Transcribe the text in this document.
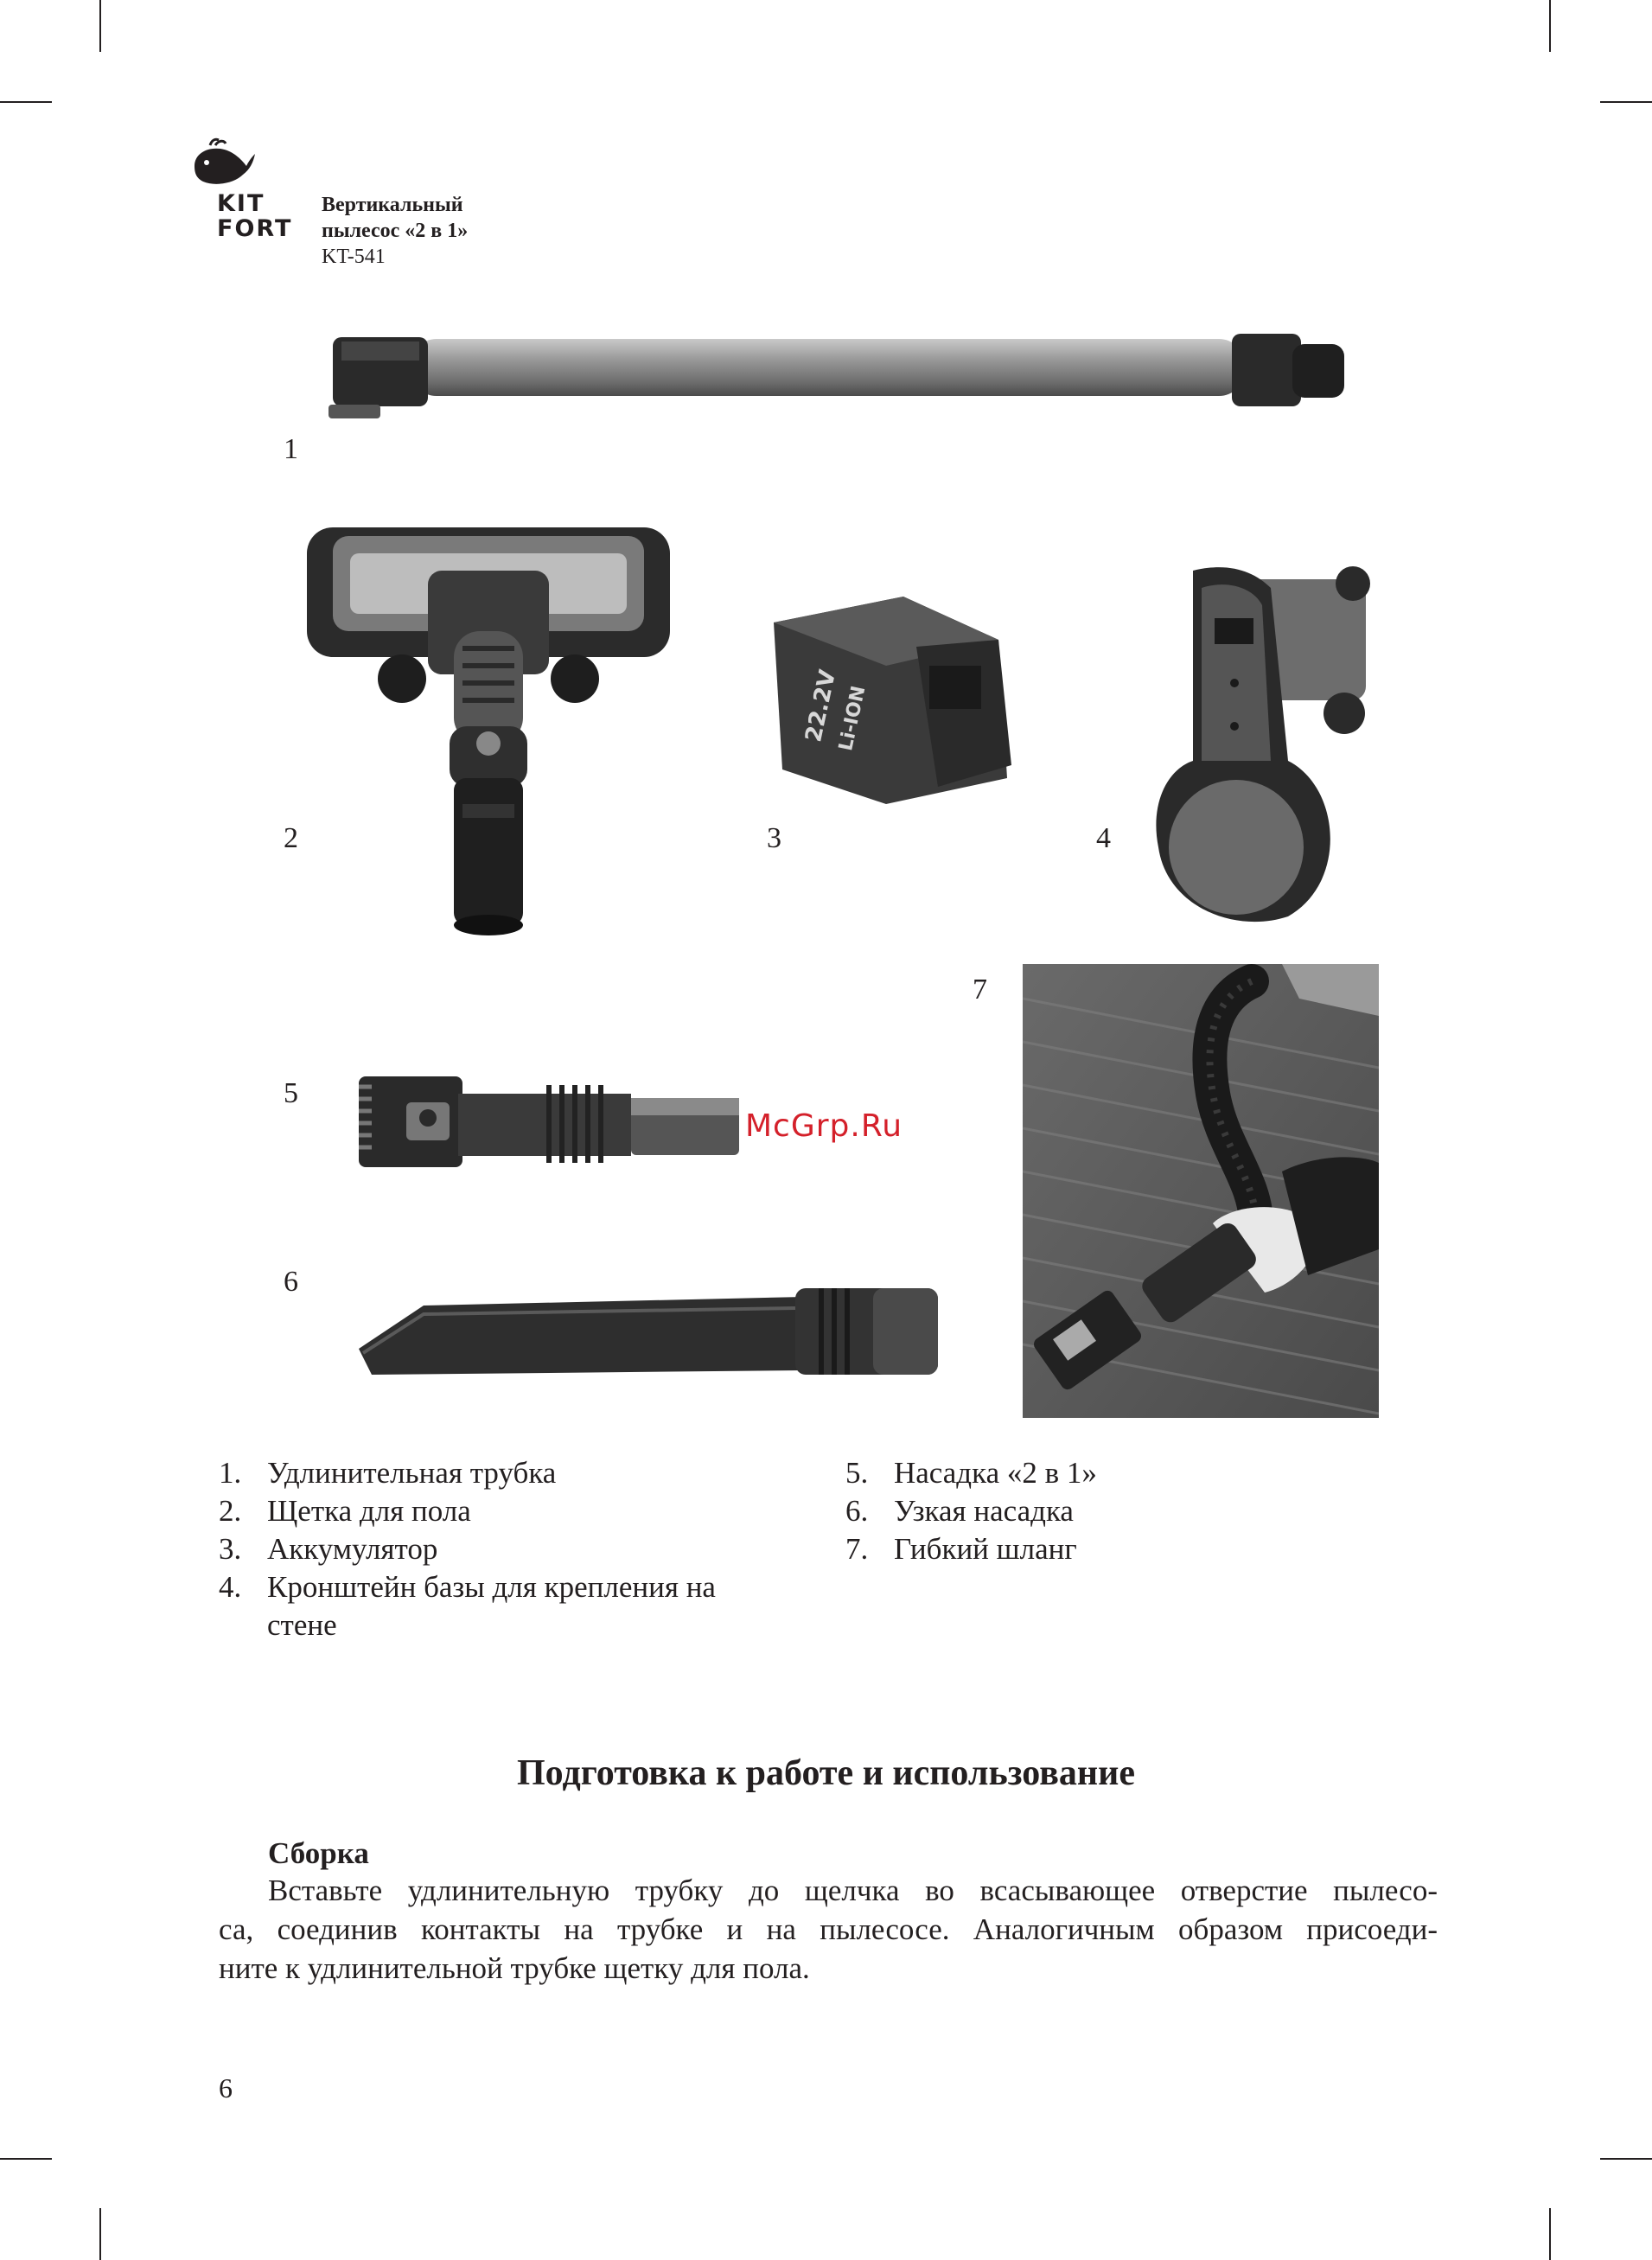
KIT
FORT
Вертикальный
пылесос «2 в 1»
KT-541
1
2
22.2V
Li-ION
3	4
5
McGrp.Ru
6
7
1. Удлинительная трубка
2. Щетка для пола
3. Аккумулятор
4. Кронштейн базы для крепления на стене
5. Насадка «2 в 1»
6. Узкая насадка
7. Гибкий шланг
Подготовка к работе и использование
Сборка
Вставьте удлинительную трубку до щелчка во всасывающее отверстие пылесо-
са, соединив контакты на трубке и на пылесосе. Аналогичным образом присоеди-
ните к удлинительной трубке щетку для пола.
6
